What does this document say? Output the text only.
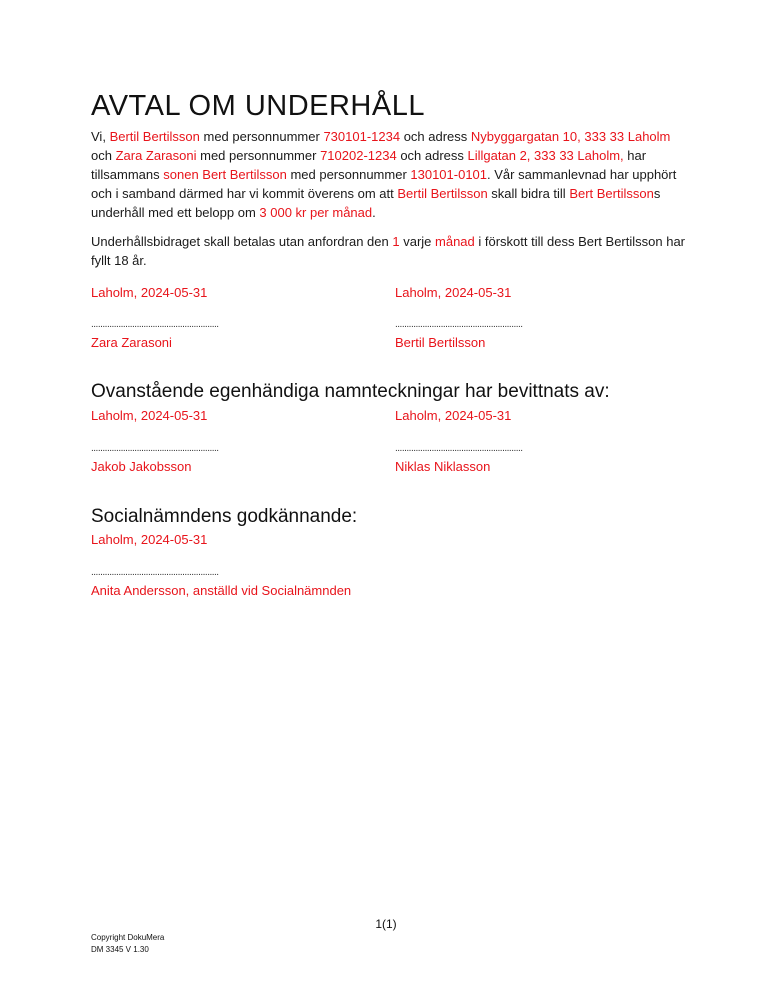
AVTAL OM UNDERHÅLL

Vi, Bertil Bertilsson med personnummer 730101-1234 och adress Nybyggargatan 10, 333 33 Laholm och Zara Zarasoni med personnummer 710202-1234 och adress Lillgatan 2, 333 33 Laholm, har tillsammans sonen Bert Bertilsson med personnummer 130101-0101. Vår sammanlevnad har upphört och i samband därmed har vi kommit överens om att Bertil Bertilsson skall bidra till Bert Bertilssons underhåll med ett belopp om 3 000 kr per månad.

Underhållsbidraget skall betalas utan anfordran den 1 varje månad i förskott till dess Bert Bertilsson har fyllt 18 år.

Laholm, 2024-05-31	Laholm, 2024-05-31
........................................................	........................................................
Zara Zarasoni	Bertil Bertilsson
Ovanstående egenhändiga namnteckningar har bevittnats av:
Laholm, 2024-05-31	Laholm, 2024-05-31
........................................................	........................................................
Jakob Jakobsson	Niklas Niklasson
Socialnämndens godkännande:
Laholm, 2024-05-31
........................................................
Anita Andersson, anställd vid Socialnämnden
1(1)
Copyright DokuMera
DM 3345 V 1.30
